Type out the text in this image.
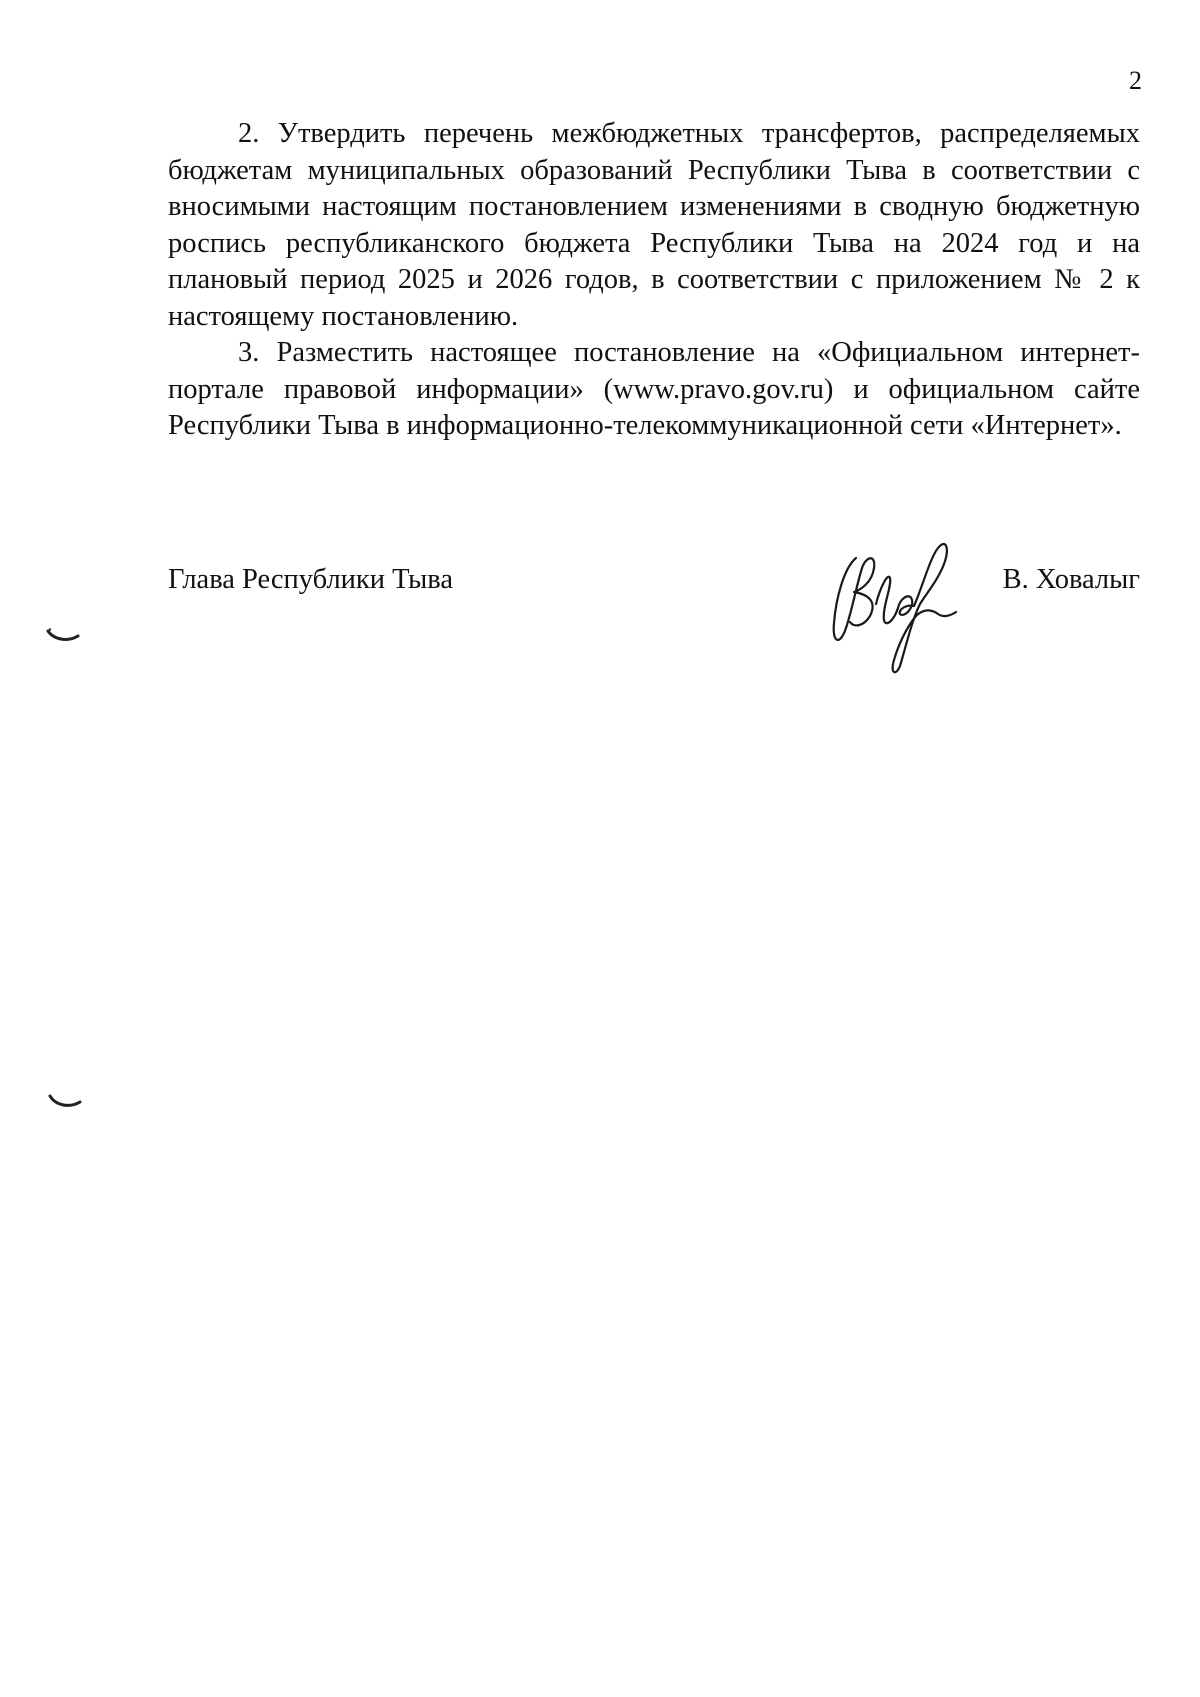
2

2. Утвердить перечень межбюджетных трансфертов, распределяемых бюджетам муниципальных образований Республики Тыва в соответствии с вносимыми настоящим постановлением изменениями в сводную бюджетную роспись республиканского бюджета Республики Тыва на 2024 год и на плановый период 2025 и 2026 годов, в соответствии с приложением № 2 к настоящему постановлению.

3. Разместить настоящее постановление на «Официальном интернет-портале правовой информации» (www.pravo.gov.ru) и официальном сайте Республики Тыва в информационно-телекоммуникационной сети «Интернет».

Глава Республики Тыва	В. Ховалыг
